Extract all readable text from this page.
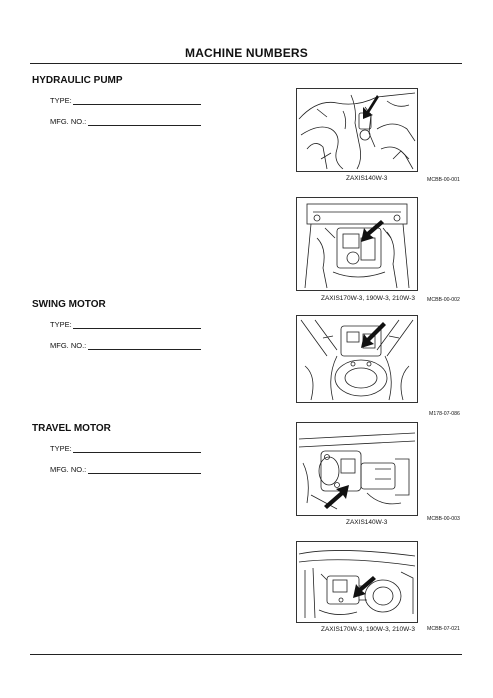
MACHINE NUMBERS
HYDRAULIC PUMP
TYPE:
MFG. NO.:
SWING MOTOR
TYPE:
MFG. NO.:
TRAVEL MOTOR
TYPE:
MFG. NO.:
ZAXIS140W-3	MCBB-00-001
ZAXIS170W-3, 190W-3, 210W-3 MCBB-00-002
M178-07-086
ZAXIS140W-3	MCBB-00-003
ZAXIS170W-3, 190W-3, 210W-3 MCBB-07-021
